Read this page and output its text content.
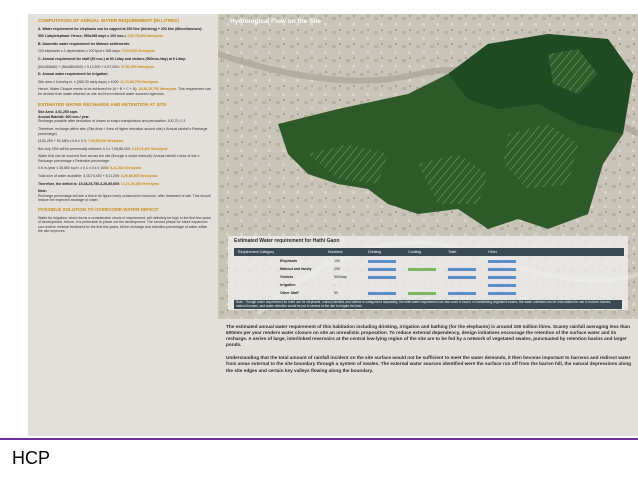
COMPUTATION OF ANNUAL WATER REQUIREMENT (IN LITRES)

A. Water requirement for elephants can be capped at 350 litre (drinking) + 200 litre (Miscellaneous):

550 L/day/elephant. Hence, 550x365 days x 100 nos.= 2,00,75,000 litres/year

B. Domestic water requirement for Mahout settlements:

100 elephants x 2 dependants x 100 lpcd x 365 days: 73,00,000 litres/year

C. Annual requirement for staff (50 nos.) at 60 L/day and visitors (500nos./day) at 5 L/day:

(60x365x50) + (50x365x500) = 9,12,500 + 6,57,000= 97,82,000 litres/year

D. Annual water requirement for irrigation:

Site area x 1mm/sq.m. x (365-30 rainy days) x 1000: 11,74,68,750 litres/year

Hence, Water Closure needs to be achieved for (A + B + C + D): 15,48,25,750 litres/year. This requirement can be derived from water retained on site and from external water sources/ agencies.

ESTIMATED WATER RECHARGE AND RETENTION AT SITE

Site Area: 3,51,250 sqm.

Annual Rainfall: 600 mm./ year.

Recharge possible after deduction of losses to evapo-transpiration and percolation: 100-70: 0.3

Therefore, recharge within site: (Site Area + Area of higher elevation around site) x Annual rainfall x Recharge percentage)

(3,51,250 + 91,450) x 0.6 x 0.3: 7,96,86,000 litres/year

But only 25% will be perennially retained: 0.4 x 7,96,86,000: 3,18,74,400 litres/year

Water that can be sourced from across the site (through a sluice network): Annual rainfall x Area of site x Recharge percentage x Retention percentage:

0.6 m./year x 35,850 sq.m. x 0.1 x 0.4 x 1000: 8,11,200 litres/year.

Total sum of water available: 3,18,74,400 + 8,11,200: 3,26,85,600 litres/year.

Therefore, the deficit is: 15,48,25,750-3,26,85,600: 12,21,40,150 litres/year.

Note:

Recharge percentage will see a rise in its figure every consecutive monsoon, after treatment of site. This should reduce the expected shortage of water.

POSSIBLE SOLUTION TO OVERCOME WATER DEFICIT

Water for irrigation, which forms a considerable chunk of requirement, will definitely be high in the first few years of development. Hence, it is preferable to phase out the development. The second phase for future expansion can receive minimal treatment for the first few years, till the recharge and retention percentage of water within the site improves.

Hydrological Flow on the Site

Estimated Water requirement for Hathi Gaon
Requirement Category	Numbers	Drinking	Cooking	Toilet	Other
Elephants	100
Mahout and family	200
Visitors	500/day
Irrigation	-
Other Staff	50
Note : Though water requirement for toilet use for elephants, mahout families and visitors is categorized separately, the toilet water requirement can also work in favour of maintaining vegetated swales, the water collected can be recirculated for use in mahout houses, mahout houses, and water-retention would be put in service of the site to irrigate the land.

The estimated annual water requirement of this habitation including drinking, irrigation and bathing (for the elephants) is around 150 million litres. Scanty rainfall averaging less than 600mm per year renders water closure on site an unrealistic proposition. To reduce external dependency, design initiatives encourage the retention of the surface water and its recharge. A series of large, interlinked reservoirs at the central low-lying region of the site are to be fed by a network of vegetated swales, punctuated by retention basins and larger ponds.

Understanding that the total amount of rainfall incident on the site surface would not be sufficient to meet the water demands, it then become important to harness and redirect water from areas external to the site boundary through a system of swales. The external water sources identified were the surface run off from the barren hill, the natural depressions along the site edges and certain key valleys flowing along the boundary.

HCP
